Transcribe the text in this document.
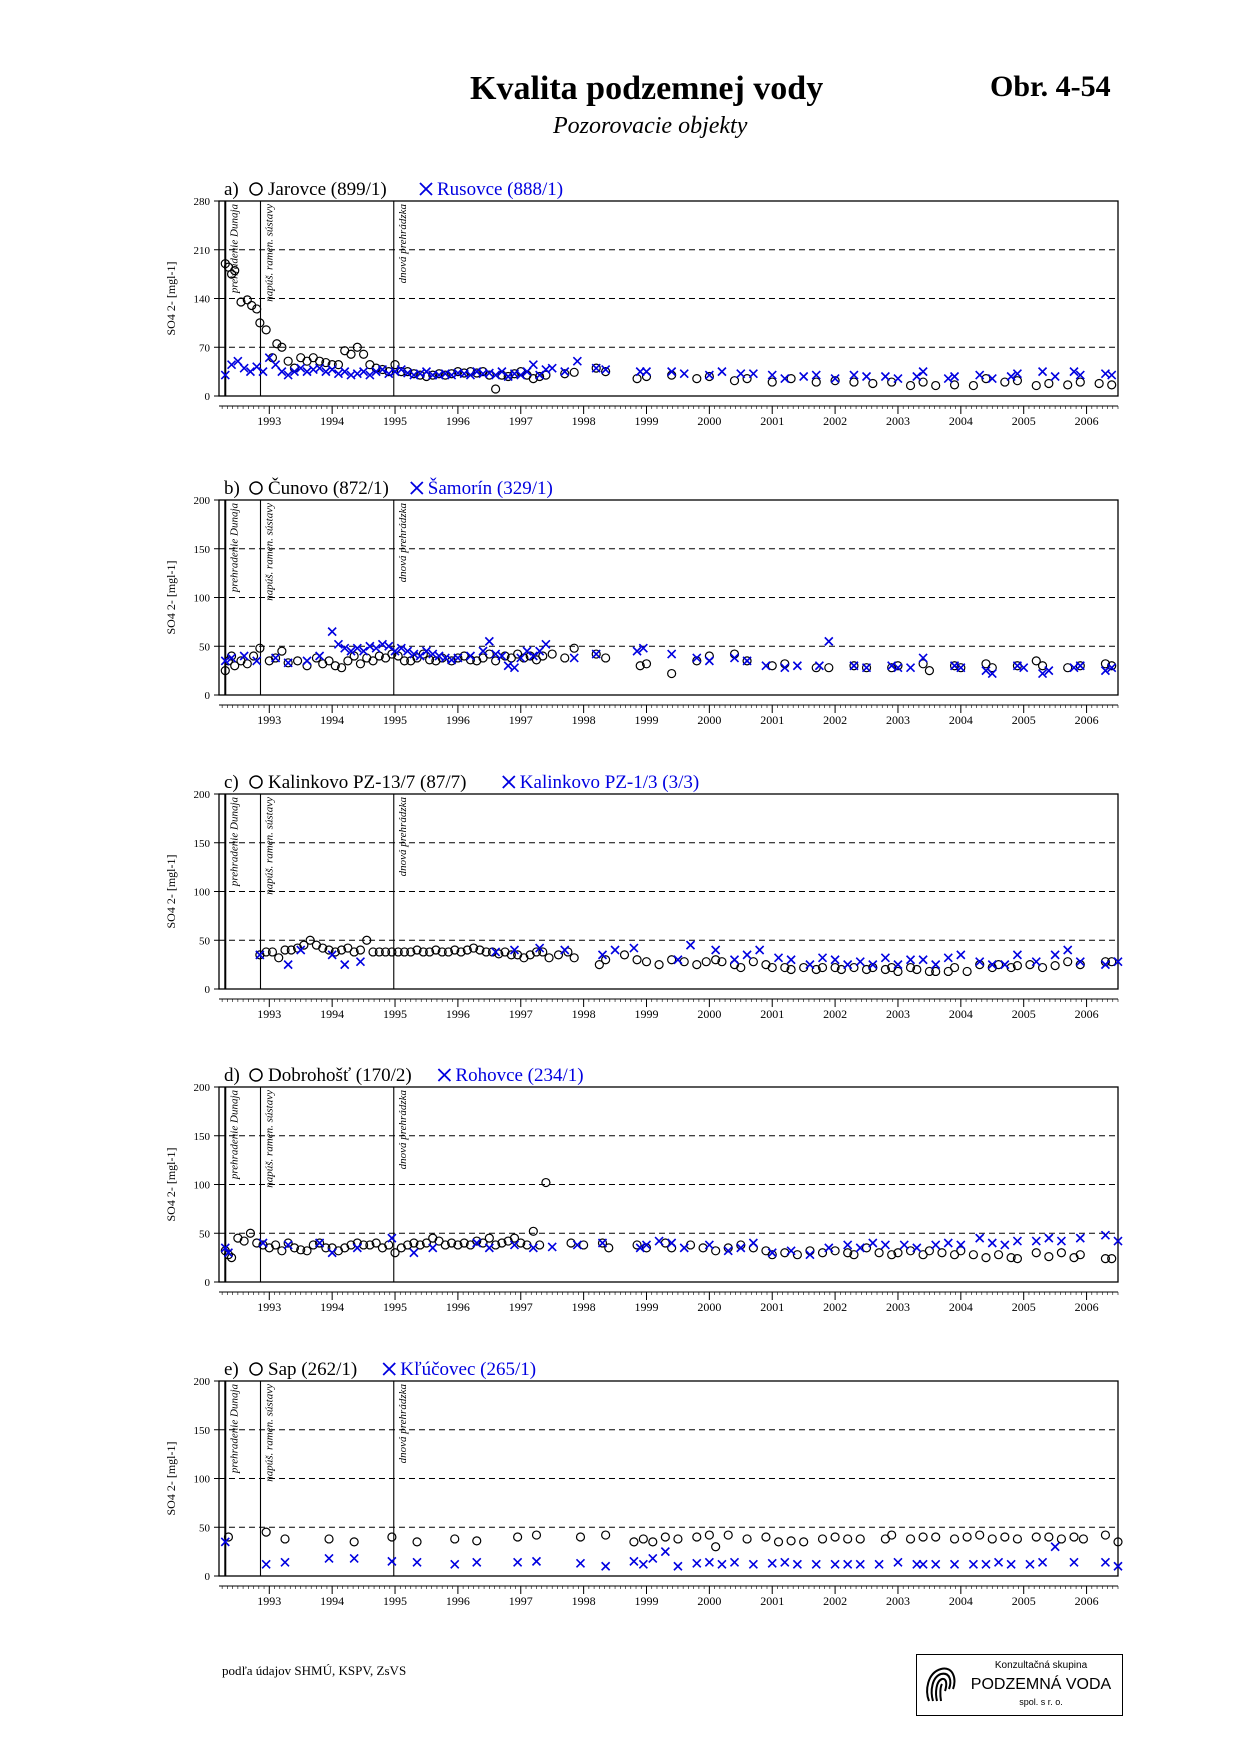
Kvalita podzemnej vody
Pozorovacie objekty
Obr. 4-54
a) Jarovce (899/1)	Rusovce (888/1)
0
70
140
210
280
SO4 2- [mgl-1]
1993	1994	1995	1996	1997	1998	1999	2000	2001	2002	2003	2004	2005	2006
prehradenie Dunaja napúš. ramen. sústavy	dnová prehrádzka
b) Čunovo (872/1) Šamorín (329/1)
0
50
100
150
200
SO4 2- [mgl-1]
1993	1994	1995	1996	1997	1998	1999	2000	2001	2002	2003	2004	2005	2006
prehradenie Dunaja napúš. ramen. sústavy	dnová prehrádzka
c) Kalinkovo PZ-13/7 (87/7)	Kalinkovo PZ-1/3 (3/3)
0
50
100
150
200
SO4 2- [mgl-1]
1993	1994	1995	1996	1997	1998	1999	2000	2001	2002	2003	2004	2005	2006
prehradenie Dunaja napúš. ramen. sústavy	dnová prehrádzka
d) Dobrohošť (170/2) Rohovce (234/1)
0
50
100
150
200
SO4 2- [mgl-1]
1993	1994	1995	1996	1997	1998	1999	2000	2001	2002	2003	2004	2005	2006
prehradenie Dunaja napúš. ramen. sústavy	dnová prehrádzka
e) Sap (262/1) Kľúčovec (265/1)
0
50
100
150
200
SO4 2- [mgl-1]
1993	1994	1995	1996	1997	1998	1999	2000	2001	2002	2003	2004	2005	2006
prehradenie Dunaja napúš. ramen. sústavy	dnová prehrádzka
podľa údajov SHMÚ, KSPV, ZsVS	Konzultačná skupina
PODZEMNÁ VODA
spol. s r. o.
